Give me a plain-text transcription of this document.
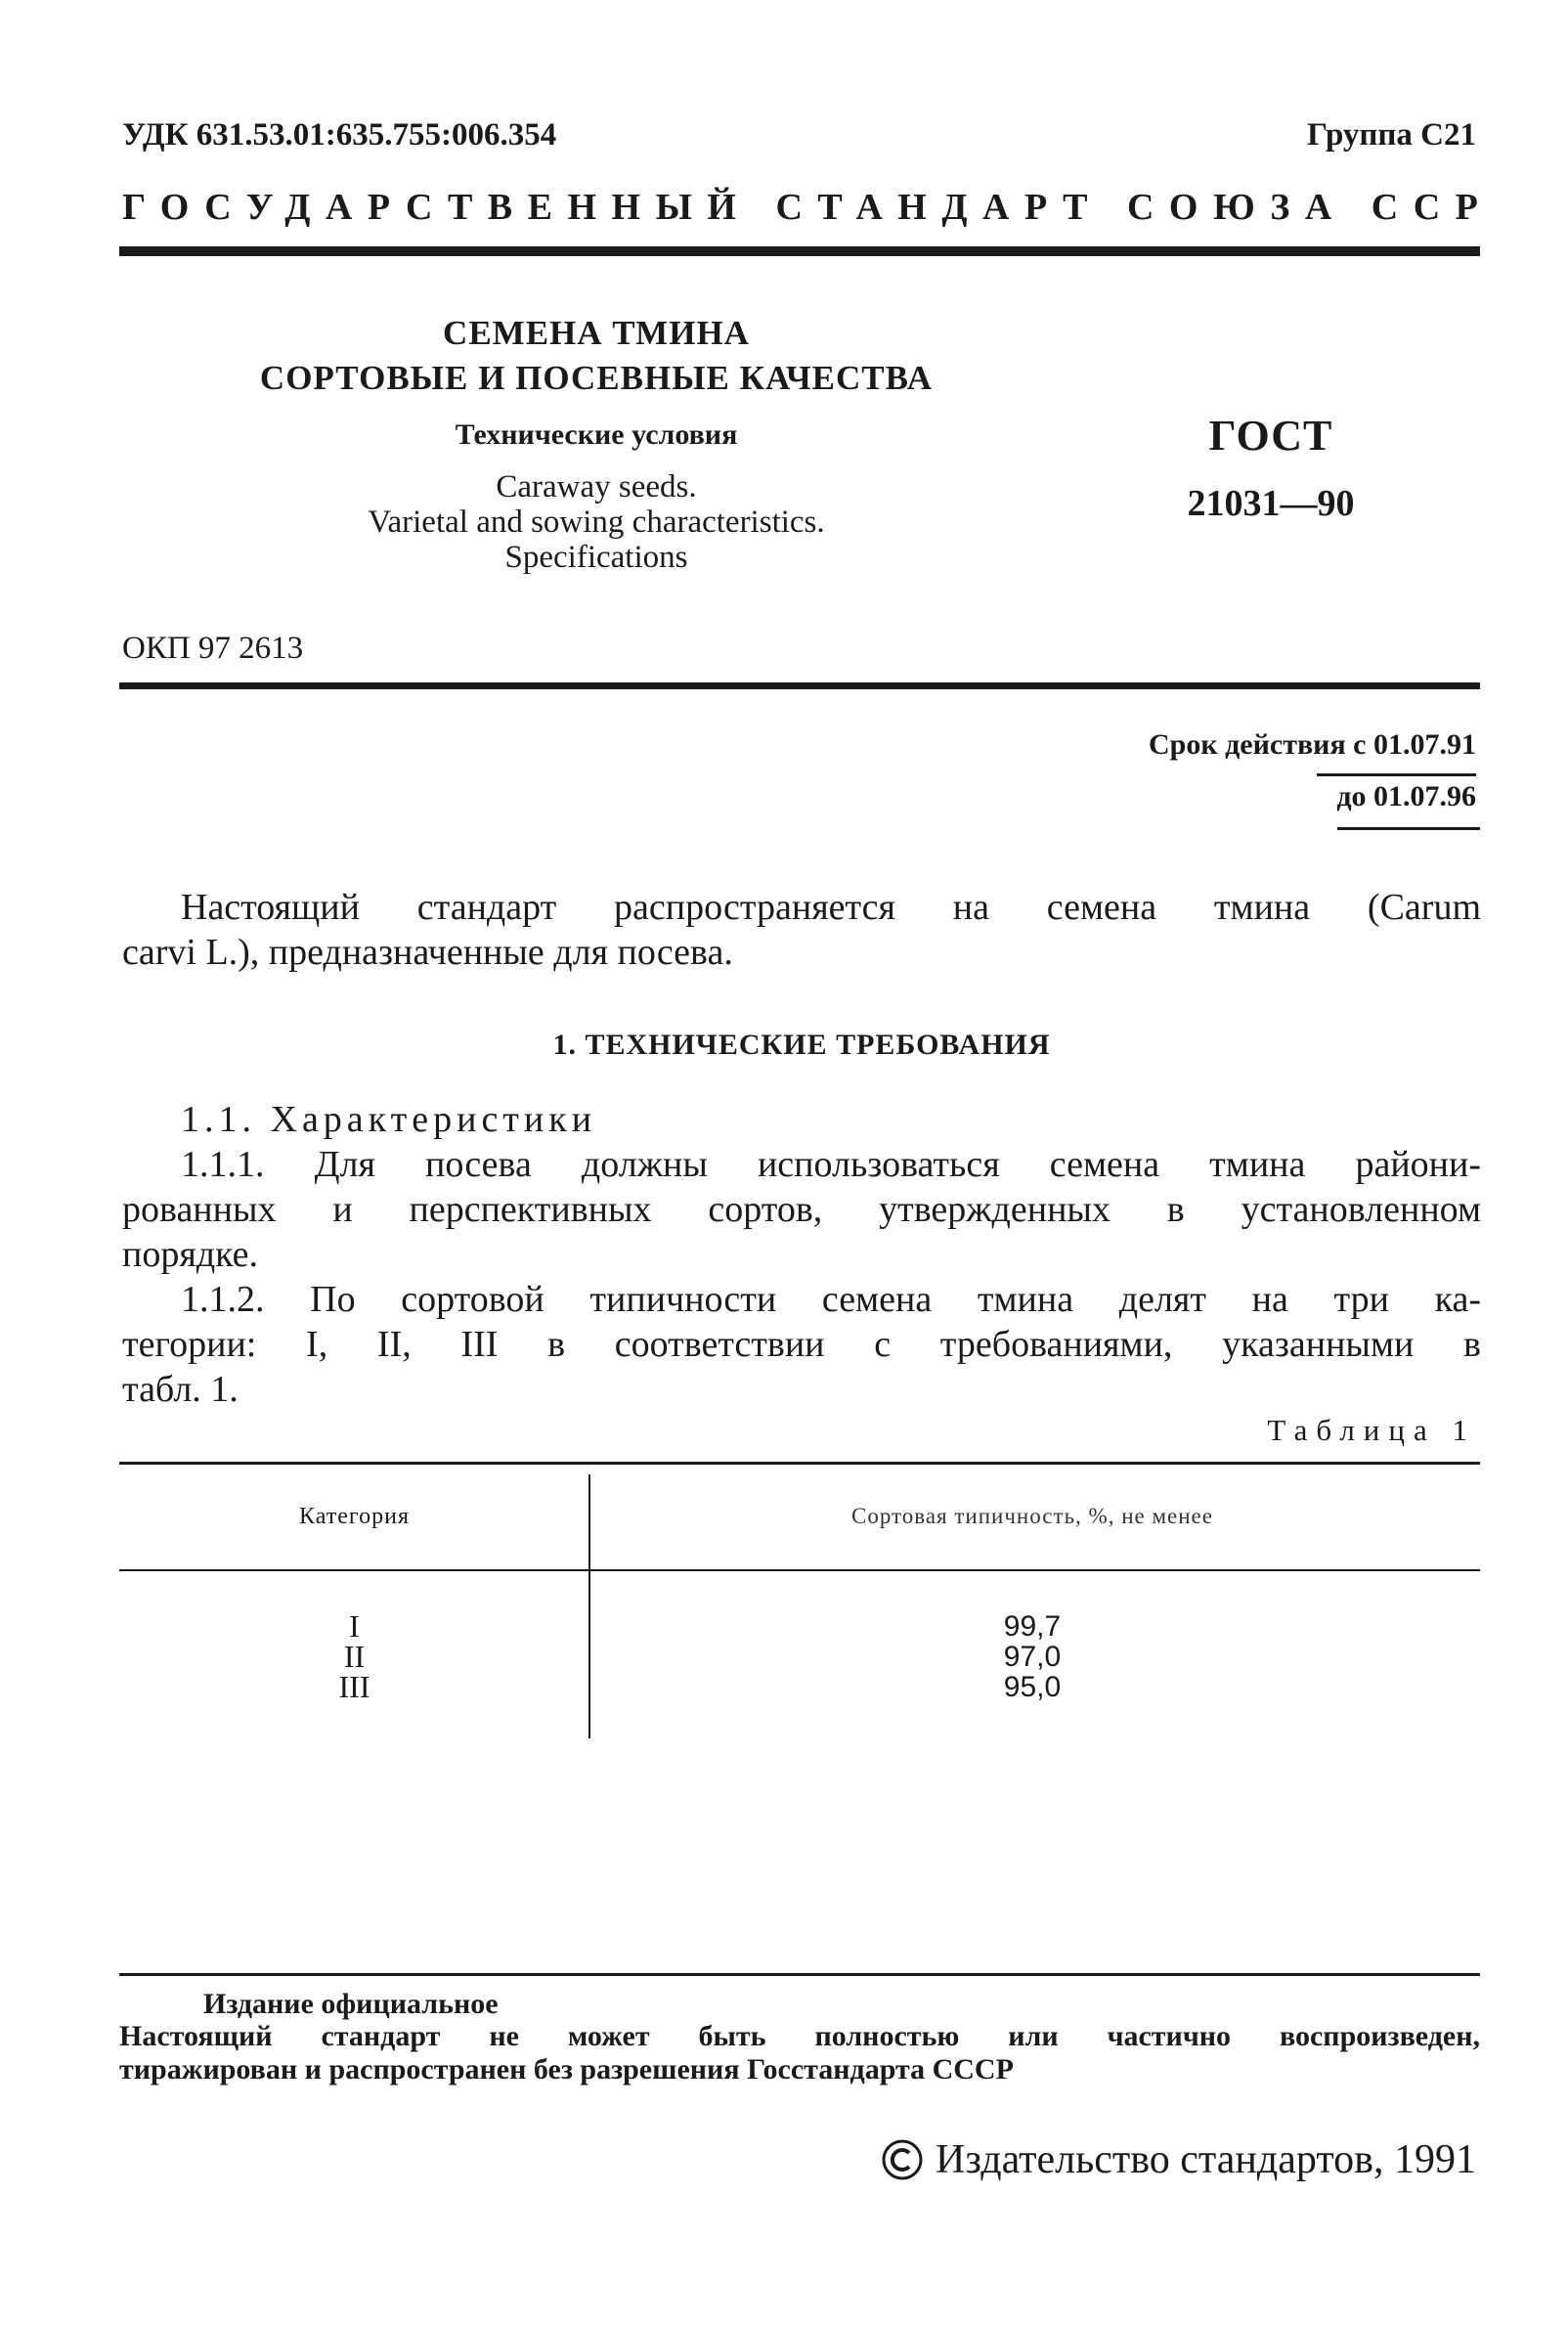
УДК 631.53.01:635.755:006.354	Группа С21
ГОСУДАРСТВЕННЫЙ СТАНДАРТ СОЮЗА ССР
СЕМЕНА ТМИНА
СОРТОВЫЕ И ПОСЕВНЫЕ КАЧЕСТВА
Технические условия
Caraway seeds.
Varietal and sowing characteristics.
Specifications
ГОСТ
21031—90
ОКП 97 2613
Срок действия с 01.07.91
до 01.07.96
Настоящий стандарт распространяется на семена тмина (Carum
carvi L.), предназначенные для посева.
1. ТЕХНИЧЕСКИЕ ТРЕБОВАНИЯ
1.1. Характеристики
1.1.1. Для посева должны использоваться семена тмина райони-
рованных и перспективных сортов, утвержденных в установленном
порядке.
1.1.2. По сортовой типичности семена тмина делят на три ка-
тегории: I, II, III в соответствии с требованиями, указанными в
табл. 1.
Таблица 1
Категория	Сортовая типичность, %, не менее
I
II
III
99,7
97,0
95,0
Издание официальное
Настоящий стандарт не может быть полностью или частично воспроизведен,
тиражирован и распространен без разрешения Госстандарта СССР
Издательство стандартов, 1991
